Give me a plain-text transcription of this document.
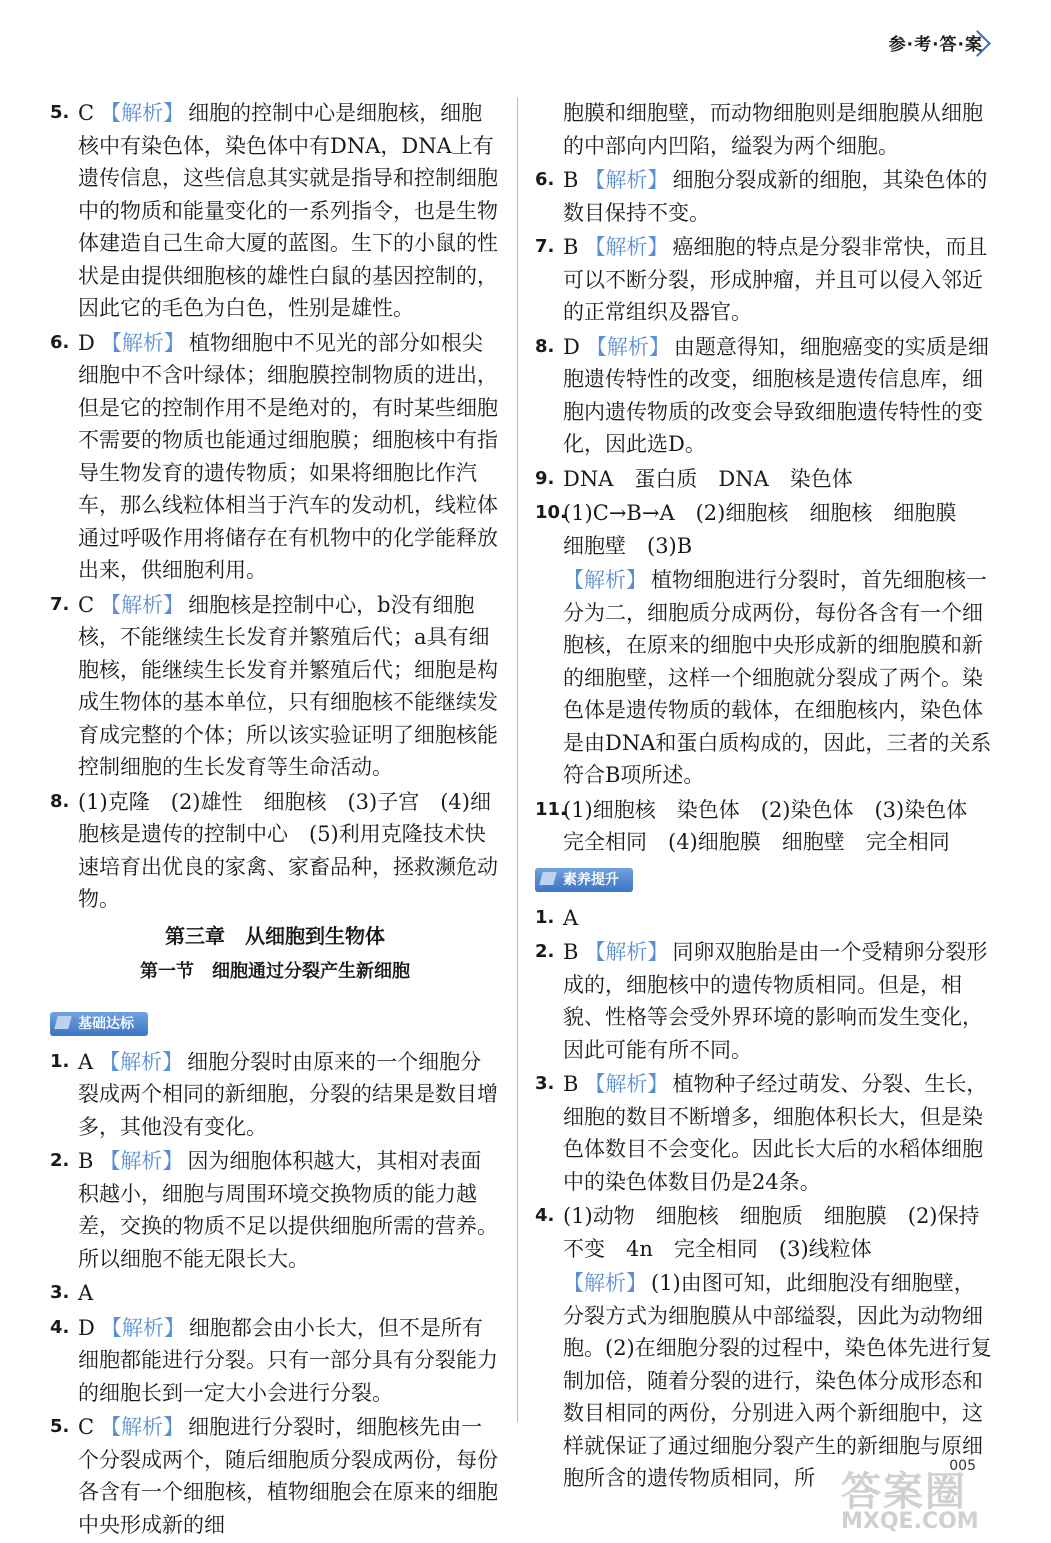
参·考·答·案
5. C 【解析】 细胞的控制中心是细胞核，细胞核中有染色体，染色体中有DNA，DNA上有遗传信息，这些信息其实就是指导和控制细胞中的物质和能量变化的一系列指令，也是生物体建造自己生命大厦的蓝图。生下的小鼠的性状是由提供细胞核的雄性白鼠的基因控制的，因此它的毛色为白色，性别是雄性。
6. D 【解析】 植物细胞中不见光的部分如根尖细胞中不含叶绿体；细胞膜控制物质的进出，但是它的控制作用不是绝对的，有时某些细胞不需要的物质也能通过细胞膜；细胞核中有指导生物发育的遗传物质；如果将细胞比作汽车，那么线粒体相当于汽车的发动机，线粒体通过呼吸作用将储存在有机物中的化学能释放出来，供细胞利用。
7. C 【解析】 细胞核是控制中心，b没有细胞核，不能继续生长发育并繁殖后代；a具有细胞核，能继续生长发育并繁殖后代；细胞是构成生物体的基本单位，只有细胞核不能继续发育成完整的个体；所以该实验证明了细胞核能控制细胞的生长发育等生命活动。
8. (1)克隆　(2)雄性　细胞核　(3)子宫　(4)细胞核是遗传的控制中心　(5)利用克隆技术快速培育出优良的家禽、家畜品种，拯救濒危动物。
第三章　从细胞到生物体
第一节　细胞通过分裂产生新细胞
基础达标
1. A 【解析】 细胞分裂时由原来的一个细胞分裂成两个相同的新细胞，分裂的结果是数目增多，其他没有变化。
2. B 【解析】 因为细胞体积越大，其相对表面积越小，细胞与周围环境交换物质的能力越差，交换的物质不足以提供细胞所需的营养。所以细胞不能无限长大。
3. A
4. D 【解析】 细胞都会由小长大，但不是所有细胞都能进行分裂。只有一部分具有分裂能力的细胞长到一定大小会进行分裂。
5. C 【解析】 细胞进行分裂时，细胞核先由一个分裂成两个，随后细胞质分裂成两份，每份各含有一个细胞核，植物细胞会在原来的细胞中央形成新的细
胞膜和细胞壁，而动物细胞则是细胞膜从细胞的中部向内凹陷，缢裂为两个细胞。
6. B 【解析】 细胞分裂成新的细胞，其染色体的数目保持不变。
7. B 【解析】 癌细胞的特点是分裂非常快，而且可以不断分裂，形成肿瘤，并且可以侵入邻近的正常组织及器官。
8. D 【解析】 由题意得知，细胞癌变的实质是细胞遗传特性的改变，细胞核是遗传信息库，细胞内遗传物质的改变会导致细胞遗传特性的变化，因此选D。
9. DNA　蛋白质　DNA　染色体
10.
(1)C→B→A　(2)细胞核　细胞核　细胞膜　细胞壁　(3)B
【解析】 植物细胞进行分裂时，首先细胞核一分为二，细胞质分成两份，每份各含有一个细胞核，在原来的细胞中央形成新的细胞膜和新的细胞壁，这样一个细胞就分裂成了两个。染色体是遗传物质的载体，在细胞核内，染色体是由DNA和蛋白质构成的，因此，三者的关系符合B项所述。
11.
(1)细胞核　染色体　(2)染色体　(3)染色体　完全相同　(4)细胞膜　细胞壁　完全相同
素养提升
1. A
2. B 【解析】 同卵双胞胎是由一个受精卵分裂形成的，细胞核中的遗传物质相同。但是，相貌、性格等会受外界环境的影响而发生变化，因此可能有所不同。
3. B 【解析】 植物种子经过萌发、分裂、生长，细胞的数目不断增多，细胞体积长大，但是染色体数目不会变化。因此长大后的水稻体细胞中的染色体数目仍是24条。
4. (1)动物　细胞核　细胞质　细胞膜　(2)保持不变　4n　完全相同　(3)线粒体
【解析】 (1)由图可知，此细胞没有细胞壁，分裂方式为细胞膜从中部缢裂，因此为动物细胞。(2)在细胞分裂的过程中，染色体先进行复制加倍，随着分裂的进行，染色体分成形态和数目相同的两份，分别进入两个新细胞中，这样就保证了通过细胞分裂产生的新细胞与原细胞所含的遗传物质相同，所	005
答案圈
MXQE.COM
